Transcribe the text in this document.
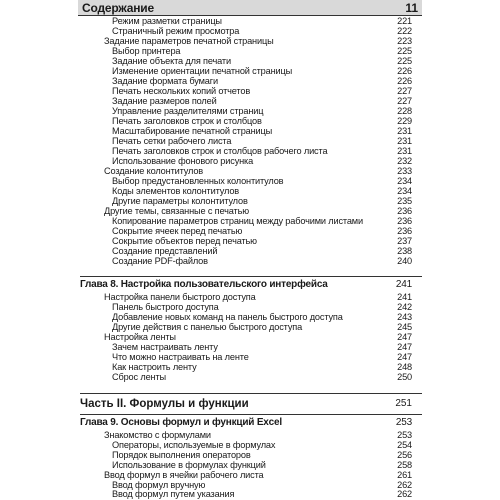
Содержание	11
Режим разметки страницы	221
Страничный режим просмотра	222
Задание параметров печатной страницы	223
Выбор принтера	225
Задание объекта для печати	225
Изменение ориентации печатной страницы	226
Задание формата бумаги	226
Печать нескольких копий отчетов	227
Задание размеров полей	227
Управление разделителями страниц	228
Печать заголовков строк и столбцов	229
Масштабирование печатной страницы	231
Печать сетки рабочего листа	231
Печать заголовков строк и столбцов рабочего листа	231
Использование фонового рисунка	232
Создание колонтитулов	233
Выбор предустановленных колонтитулов	234
Коды элементов колонтитулов	234
Другие параметры колонтитулов	235
Другие темы, связанные с печатью	236
Копирование параметров страниц между рабочими листами	236
Сокрытие ячеек перед печатью	236
Сокрытие объектов перед печатью	237
Создание представлений	238
Создание PDF-файлов	240
Глава 8. Настройка пользовательского интерфейса	241
Настройка панели быстрого доступа	241
Панель быстрого доступа	242
Добавление новых команд на панель быстрого доступа	243
Другие действия с панелью быстрого доступа	245
Настройка ленты	247
Зачем настраивать ленту	247
Что можно настраивать на ленте	247
Как настроить ленту	248
Сброс ленты	250
Часть II. Формулы и функции	251
Глава 9. Основы формул и функций Excel	253
Знакомство с формулами	253
Операторы, используемые в формулах	254
Порядок выполнения операторов	256
Использование в формулах функций	258
Ввод формул в ячейки рабочего листа	261
Ввод формул вручную	262
Ввод формул путем указания	262
